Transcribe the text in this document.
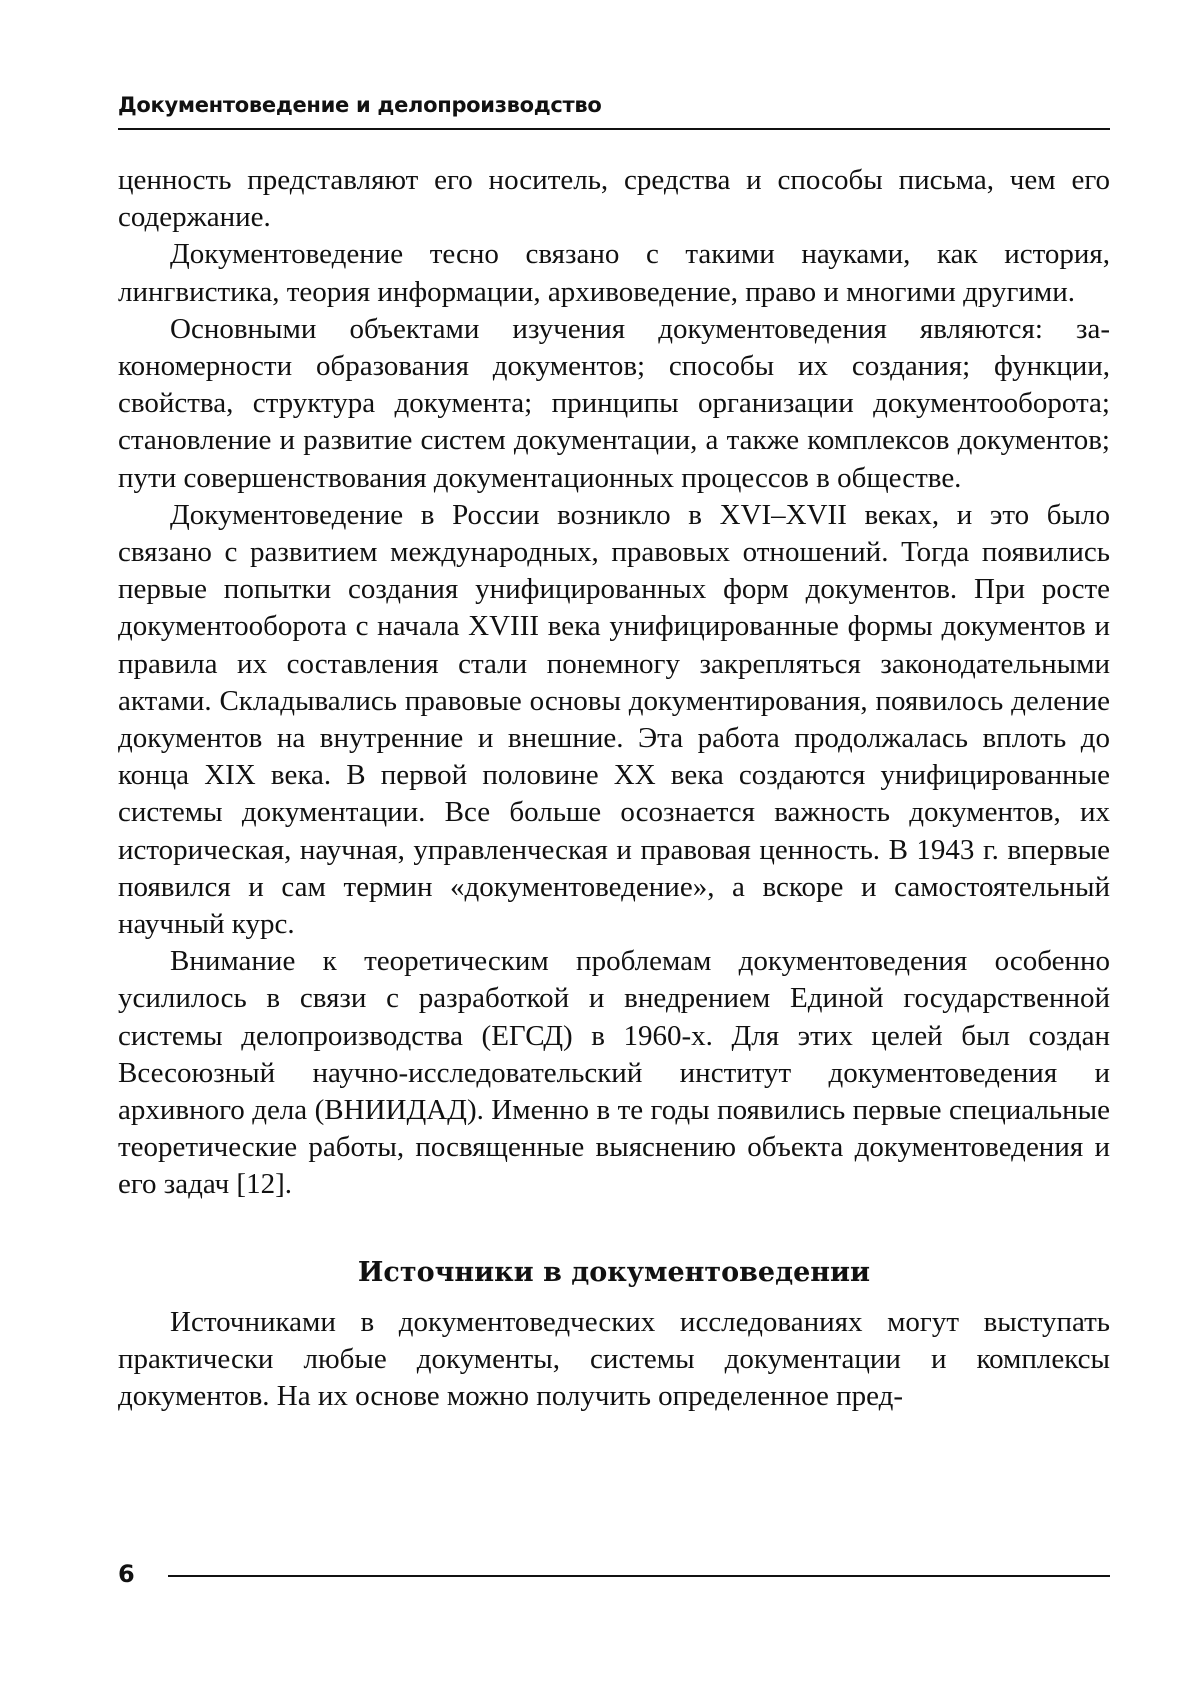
Документоведение и делопроизводство

ценность представляют его носитель, средства и способы письма, чем его содержание.

Документоведение тесно связано с такими науками, как история, лингвистика, теория информации, архивоведение, право и многими другими.

Основными объектами изучения документоведения являются: закономерности образования документов; способы их создания; функции, свойства, структура документа; принципы организации документооборота; становление и развитие систем документации, а также комплексов документов; пути совершенствования документационных процессов в обществе.

Документоведение в России возникло в XVI–XVII веках, и это было связано с развитием международных, правовых отношений. Тогда появились первые попытки создания унифицированных форм документов. При росте документооборота с начала XVIII века унифицированные формы документов и правила их составления стали понемногу закрепляться законодательными актами. Складывались правовые основы документирования, появилось деление документов на внутренние и внешние. Эта работа продолжалась вплоть до конца XIX века. В первой половине XX века создаются унифицированные системы документации. Все больше осознается важность документов, их историческая, научная, управленческая и правовая ценность. В 1943 г. впервые появился и сам термин «документоведение», а вскоре и самостоятельный научный курс.

Внимание к теоретическим проблемам документоведения особенно усилилось в связи с разработкой и внедрением Единой государственной системы делопроизводства (ЕГСД) в 1960-х. Для этих целей был создан Всесоюзный научно-исследовательский институт документоведения и архивного дела (ВНИИДАД). Именно в те годы появились первые специальные теоретические работы, посвященные выяснению объекта документоведения и его задач [12].

Источники в документоведении

Источниками в документоведческих исследованиях могут выступать практически любые документы, системы документации и комплексы документов. На их основе можно получить определенное пред-

6
